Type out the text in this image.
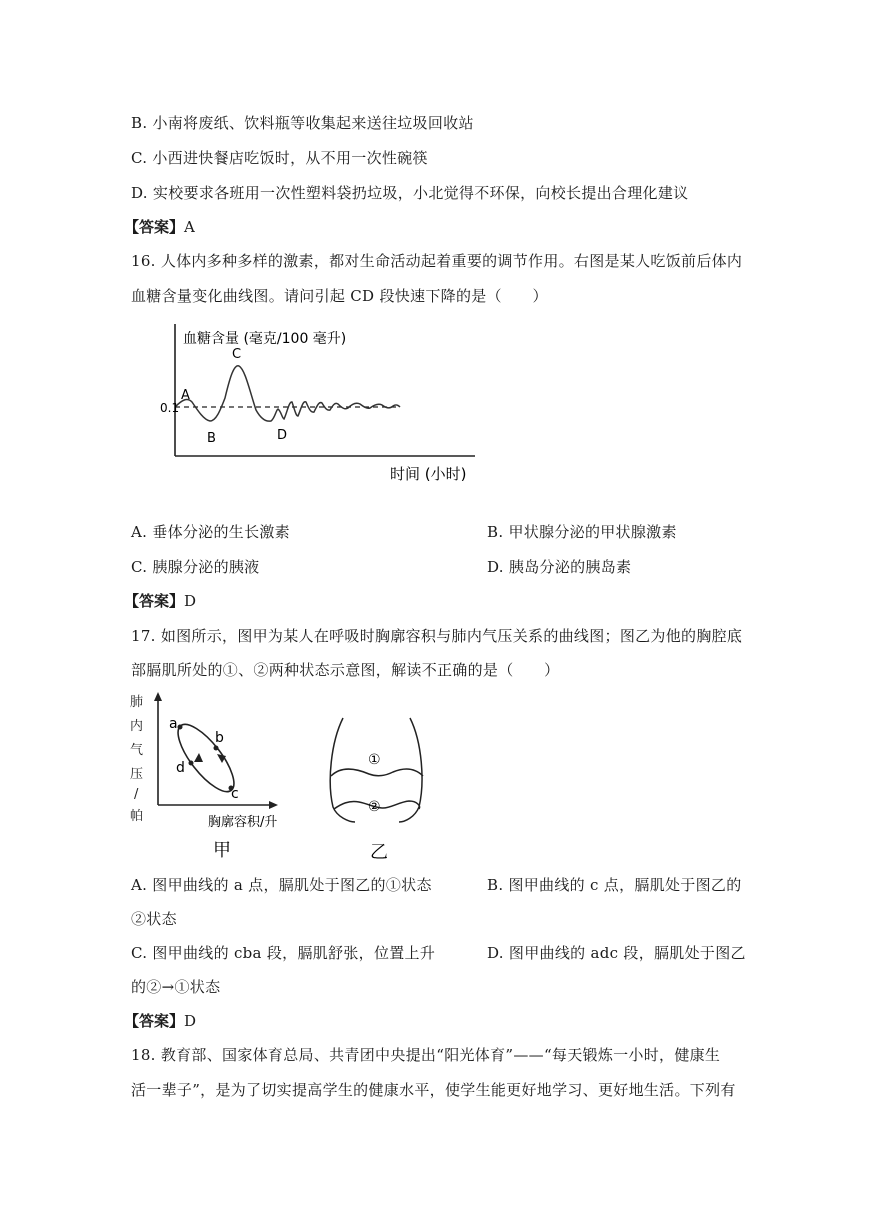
B. 小南将废纸、饮料瓶等收集起来送往垃圾回收站
C. 小西进快餐店吃饭时，从不用一次性碗筷
D. 实校要求各班用一次性塑料袋扔垃圾，小北觉得不环保，向校长提出合理化建议
【答案】A
16. 人体内多种多样的激素，都对生命活动起着重要的调节作用。右图是某人吃饭前后体内
血糖含量变化曲线图。请问引起 CD 段快速下降的是（　　）
血糖含量 (毫克/100 毫升)
0.1
A
B
C
D
时间 (小时)
A. 垂体分泌的生长激素	B. 甲状腺分泌的甲状腺激素
C. 胰腺分泌的胰液	D. 胰岛分泌的胰岛素
【答案】D
17. 如图所示，图甲为某人在呼吸时胸廓容积与肺内气压关系的曲线图；图乙为他的胸腔底
部膈肌所处的①、②两种状态示意图，解读不正确的是（　　）
肺
内
气
压
/
帕
a
b
c
d
胸廓容积/升
甲
①
②
乙
A. 图甲曲线的 a 点，膈肌处于图乙的①状态	B. 图甲曲线的 c 点，膈肌处于图乙的
②状态
C. 图甲曲线的 cba 段，膈肌舒张，位置上升	D. 图甲曲线的 adc 段，膈肌处于图乙
的②→①状态
【答案】D
18. 教育部、国家体育总局、共青团中央提出“阳光体育”——“每天锻炼一小时，健康生
活一辈子”，是为了切实提高学生的健康水平，使学生能更好地学习、更好地生活。下列有
